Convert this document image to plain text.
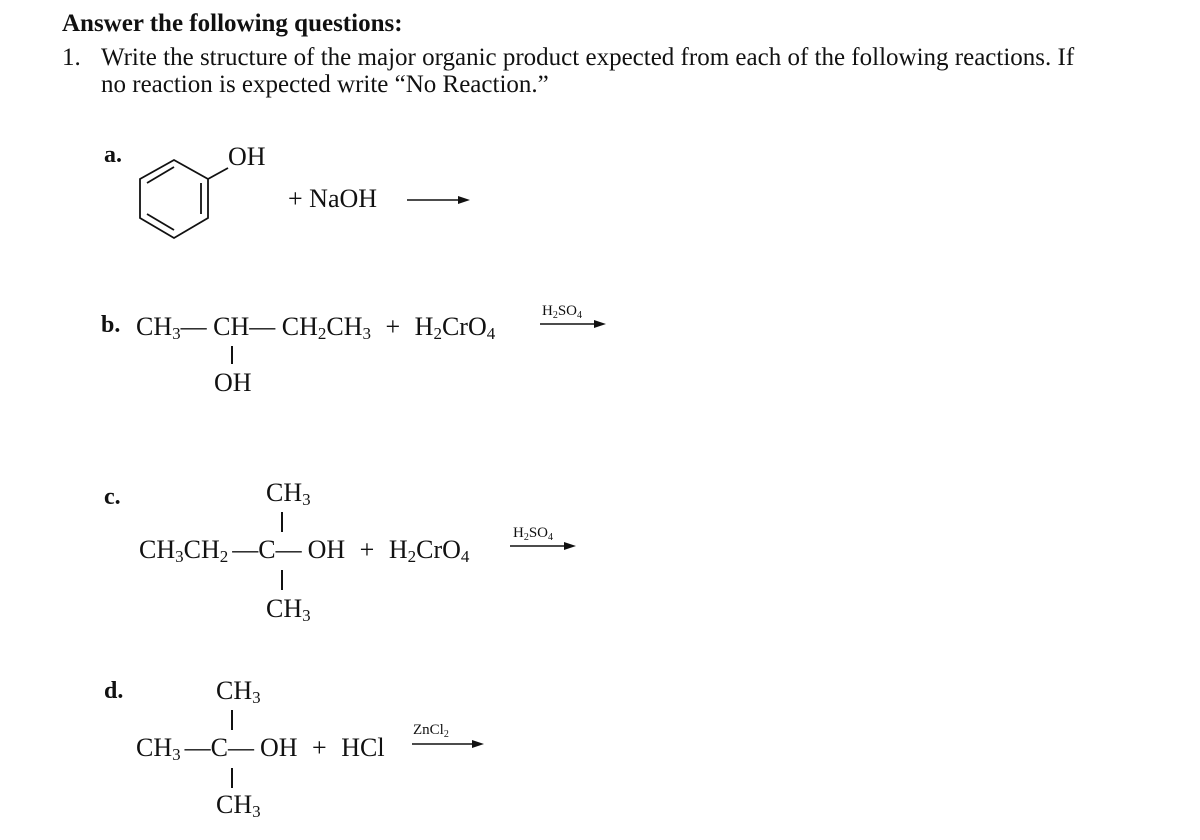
Answer the following questions:
1. Write the structure of the major organic product expected from each of the following reactions. If
no reaction is expected write “No Reaction.”
a.	OH
+ NaOH
b. $CH_3—$ CH— $CH_2CH_3 + H_2CrO_4$
OH
$H_2SO_4$
c.	$CH_3$
$CH_3CH_2$ —C— OH + $H_2CrO_4$
$CH_3$
$H_2SO_4$
d.	$CH_3$
$CH_3$ —C— OH + HCl
$CH_3$
ZnCl$_2$
